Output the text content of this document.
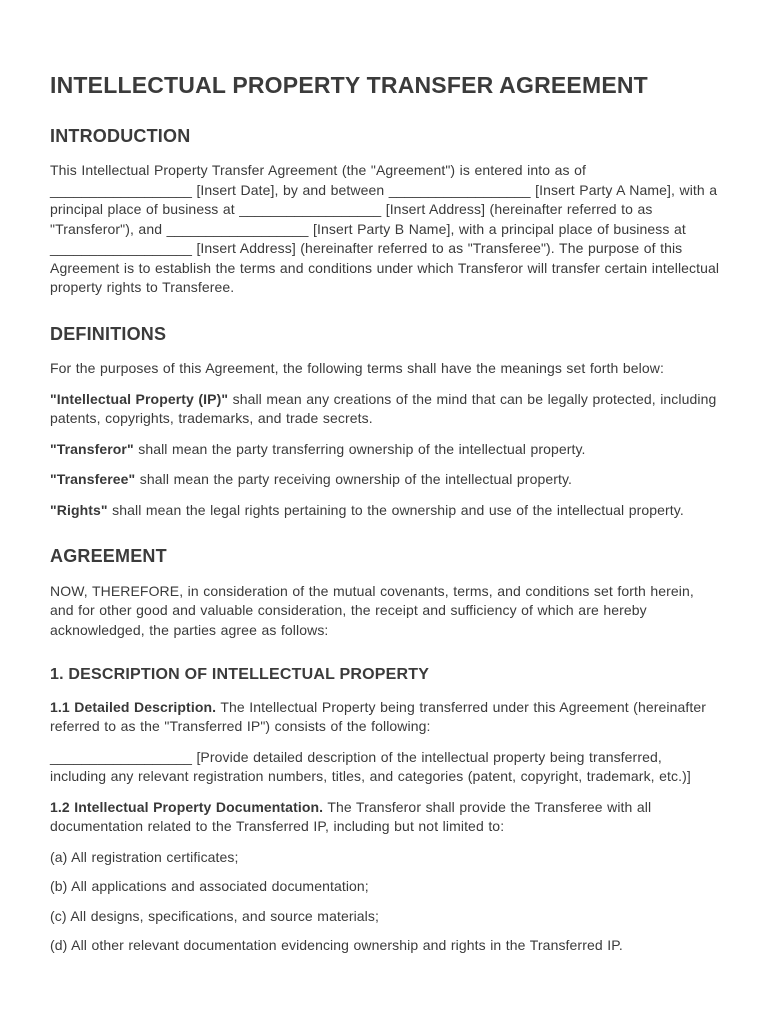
INTELLECTUAL PROPERTY TRANSFER AGREEMENT
INTRODUCTION

This Intellectual Property Transfer Agreement (the "Agreement") is entered into as of __________________ [Insert Date], by and between __________________ [Insert Party A Name], with a principal place of business at __________________ [Insert Address] (hereinafter referred to as "Transferor"), and __________________ [Insert Party B Name], with a principal place of business at __________________ [Insert Address] (hereinafter referred to as "Transferee"). The purpose of this Agreement is to establish the terms and conditions under which Transferor will transfer certain intellectual property rights to Transferee.

DEFINITIONS

For the purposes of this Agreement, the following terms shall have the meanings set forth below:

"Intellectual Property (IP)" shall mean any creations of the mind that can be legally protected, including patents, copyrights, trademarks, and trade secrets.

"Transferor" shall mean the party transferring ownership of the intellectual property.

"Transferee" shall mean the party receiving ownership of the intellectual property.

"Rights" shall mean the legal rights pertaining to the ownership and use of the intellectual property.

AGREEMENT

NOW, THEREFORE, in consideration of the mutual covenants, terms, and conditions set forth herein, and for other good and valuable consideration, the receipt and sufficiency of which are hereby acknowledged, the parties agree as follows:

1. DESCRIPTION OF INTELLECTUAL PROPERTY

1.1 Detailed Description. The Intellectual Property being transferred under this Agreement (hereinafter referred to as the "Transferred IP") consists of the following:

__________________ [Provide detailed description of the intellectual property being transferred, including any relevant registration numbers, titles, and categories (patent, copyright, trademark, etc.)]

1.2 Intellectual Property Documentation. The Transferor shall provide the Transferee with all documentation related to the Transferred IP, including but not limited to:

(a) All registration certificates;

(b) All applications and associated documentation;

(c) All designs, specifications, and source materials;

(d) All other relevant documentation evidencing ownership and rights in the Transferred IP.
